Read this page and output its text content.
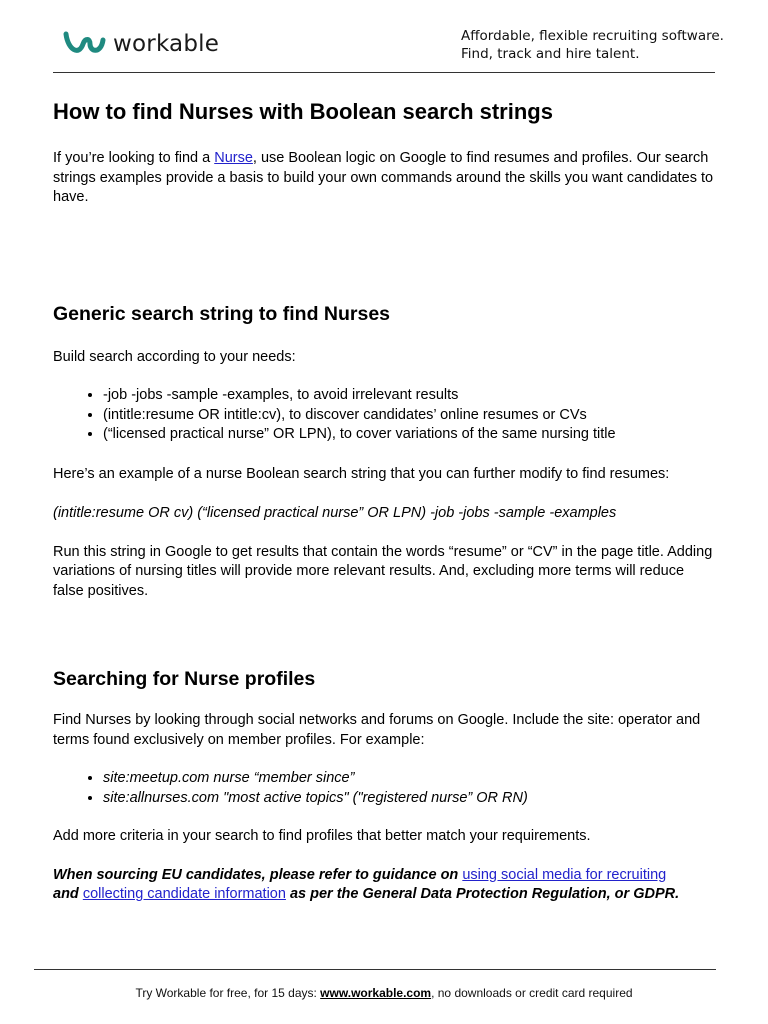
workable	Affordable, flexible recruiting software.
Find, track and hire talent.
How to find Nurses with Boolean search strings

If you’re looking to find a Nurse, use Boolean logic on Google to find resumes and profiles. Our search strings examples provide a basis to build your own commands around the skills you want candidates to have.

Generic search string to find Nurses

Build search according to your needs:

• -job -jobs -sample -examples, to avoid irrelevant results
• (intitle:resume OR intitle:cv), to discover candidates’ online resumes or CVs
• (“licensed practical nurse” OR LPN), to cover variations of the same nursing title

Here’s an example of a nurse Boolean search string that you can further modify to find resumes:

(intitle:resume OR cv) (“licensed practical nurse” OR LPN) -job -jobs -sample -examples

Run this string in Google to get results that contain the words “resume” or “CV” in the page title. Adding variations of nursing titles will provide more relevant results. And, excluding more terms will reduce false positives.

Searching for Nurse profiles

Find Nurses by looking through social networks and forums on Google. Include the site: operator and terms found exclusively on member profiles. For example:

• site:meetup.com nurse “member since”
• site:allnurses.com "most active topics" ("registered nurse” OR RN)

Add more criteria in your search to find profiles that better match your requirements.

When sourcing EU candidates, please refer to guidance on using social media for recruiting
and collecting candidate information as per the General Data Protection Regulation, or GDPR.

Try Workable for free, for 15 days: www.workable.com, no downloads or credit card required
